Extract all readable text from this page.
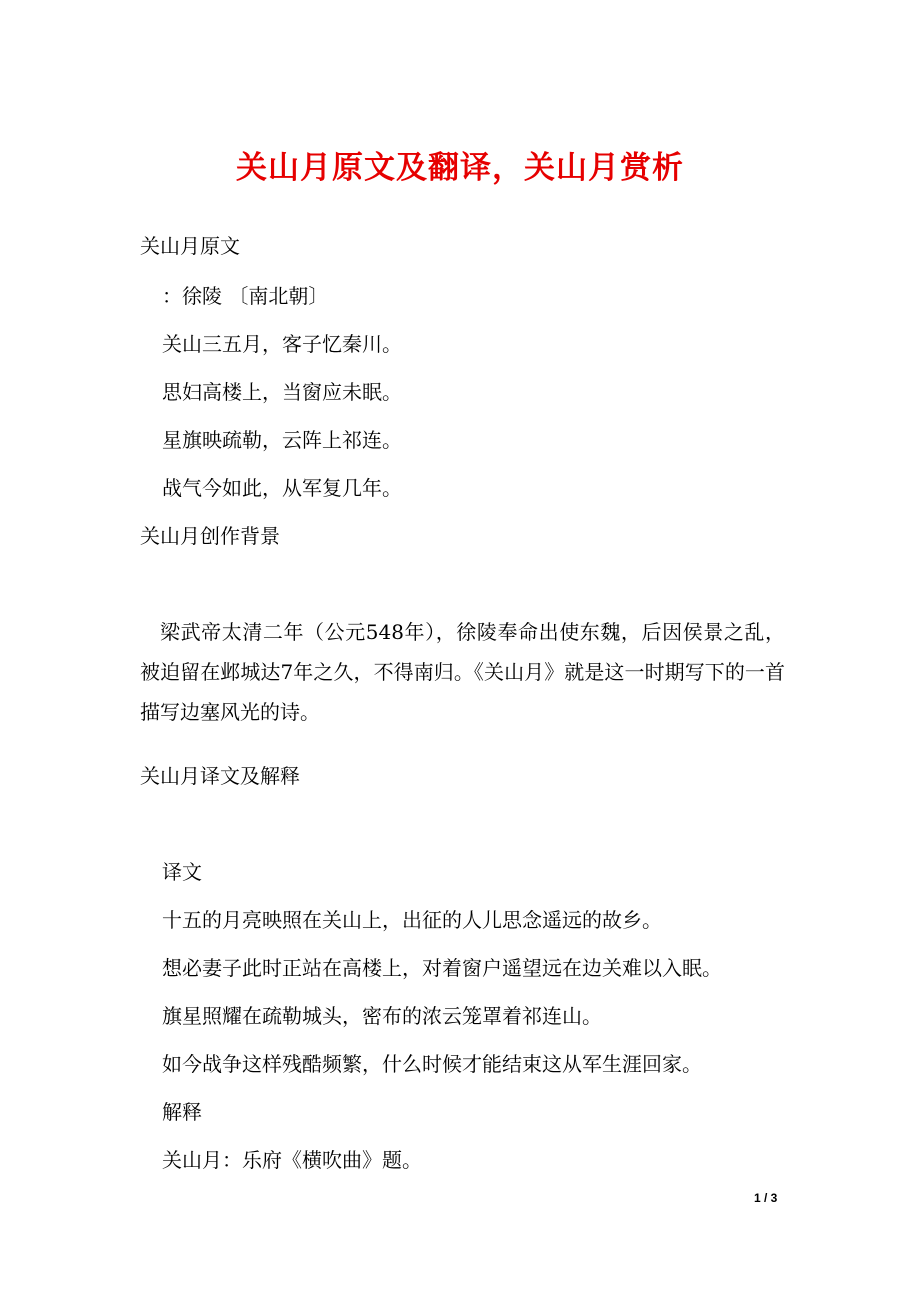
关山月原文及翻译，关山月赏析
关山月原文
：徐陵 〔南北朝〕
关山三五月，客子忆秦川。
思妇高楼上，当窗应未眠。
星旗映疏勒，云阵上祁连。
战气今如此，从军复几年。
关山月创作背景
梁武帝太清二年（公元548年），徐陵奉命出使东魏，后因侯景之乱，被迫留在邺城达7年之久，不得南归。《关山月》就是这一时期写下的一首描写边塞风光的诗。
关山月译文及解释
译文
十五的月亮映照在关山上，出征的人儿思念遥远的故乡。
想必妻子此时正站在高楼上，对着窗户遥望远在边关难以入眠。
旗星照耀在疏勒城头，密布的浓云笼罩着祁连山。
如今战争这样残酷频繁，什么时候才能结束这从军生涯回家。
解释
关山月：乐府《横吹曲》题。
1 / 3
